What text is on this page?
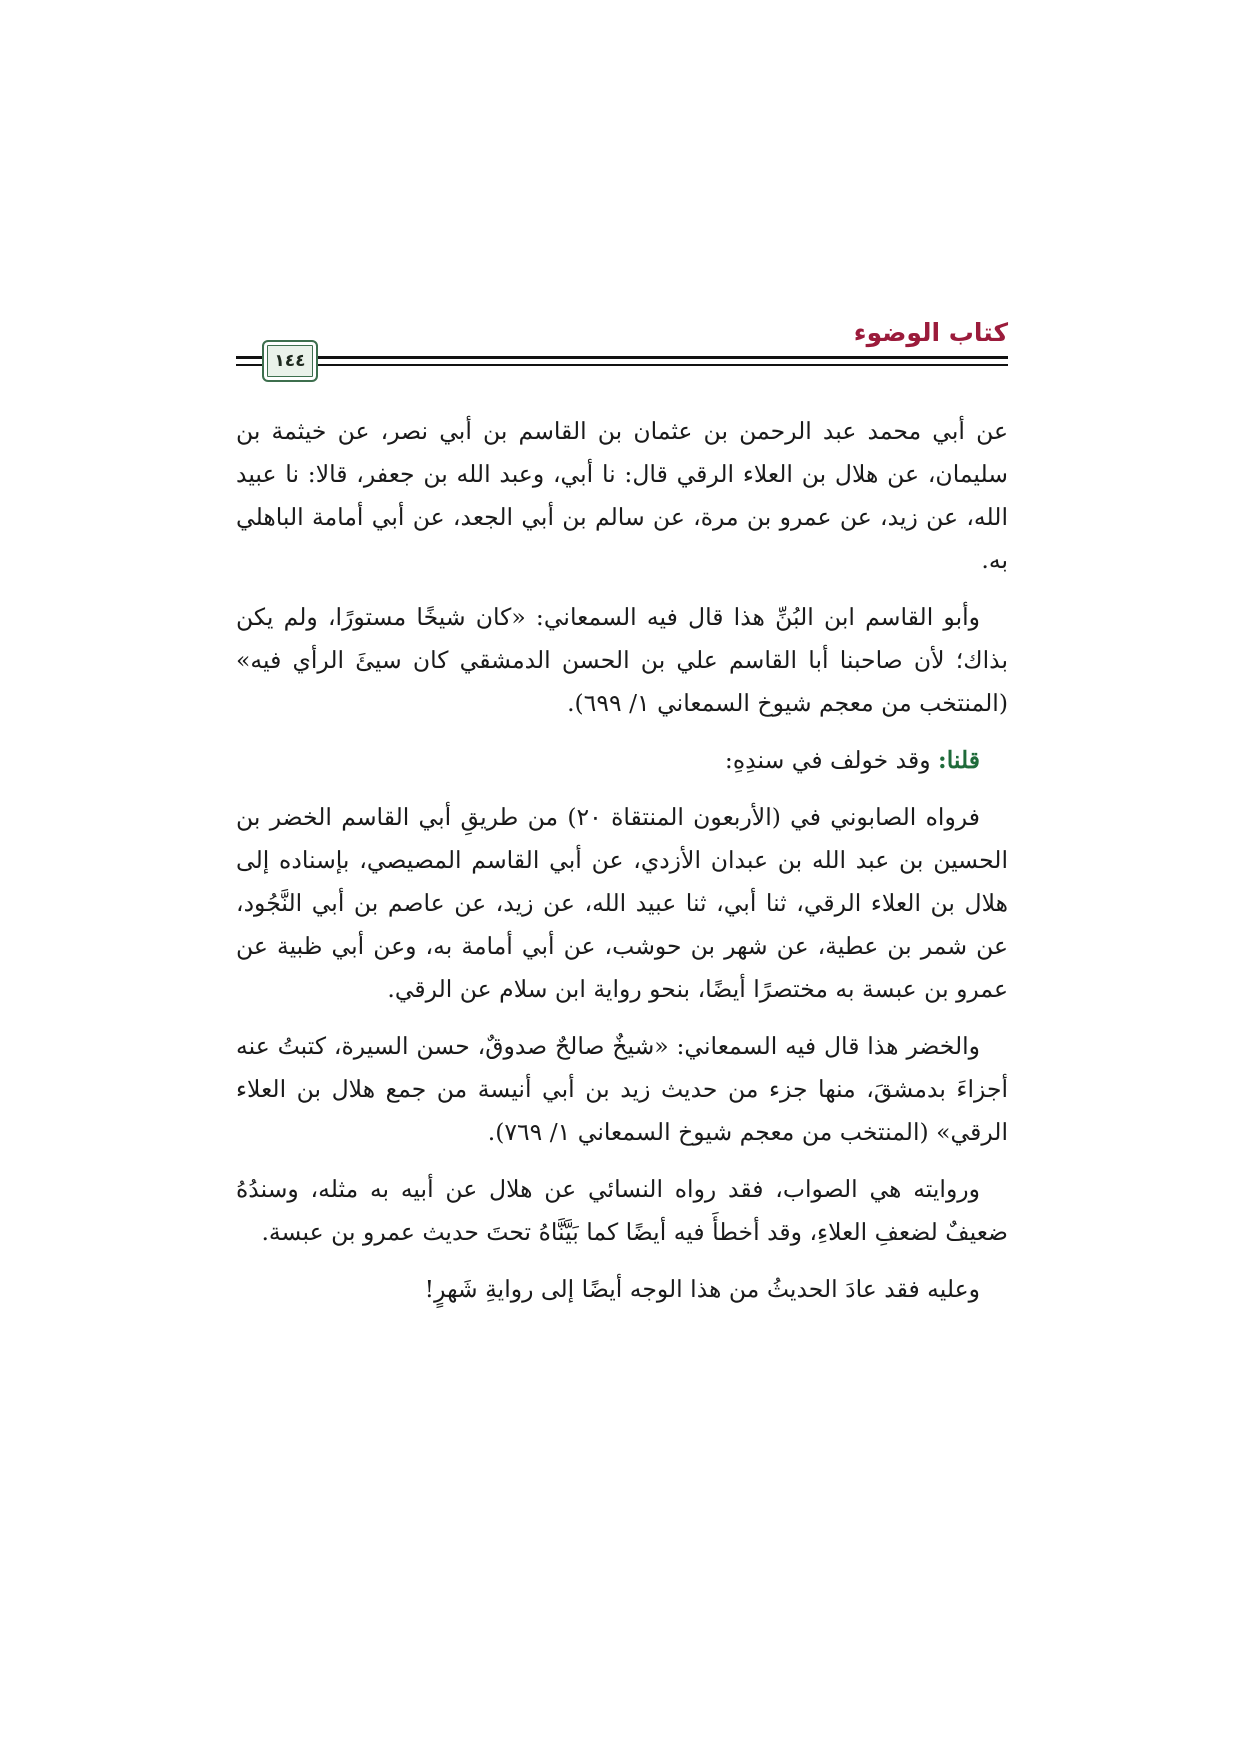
كتاب الوضوء
١٤٤

عن أبي محمد عبد الرحمن بن عثمان بن القاسم بن أبي نصر، عن خيثمة بن سليمان، عن هلال بن العلاء الرقي قال: نا أبي، وعبد الله بن جعفر، قالا: نا عبيد الله، عن زيد، عن عمرو بن مرة، عن سالم بن أبي الجعد، عن أبي أمامة الباهلي به.

وأبو القاسم ابن البُنِّ هذا قال فيه السمعاني: «كان شيخًا مستورًا، ولم يكن بذاك؛ لأن صاحبنا أبا القاسم علي بن الحسن الدمشقي كان سيئَ الرأي فيه» (المنتخب من معجم شيوخ السمعاني ١/ ٦٩٩).

قلنا: وقد خولف في سندِهِ:

فرواه الصابوني في (الأربعون المنتقاة ٢٠) من طريقِ أبي القاسم الخضر بن الحسين بن عبد الله بن عبدان الأزدي، عن أبي القاسم المصيصي، بإسناده إلى هلال بن العلاء الرقي، ثنا أبي، ثنا عبيد الله، عن زيد، عن عاصم بن أبي النَّجُود، عن شمر بن عطية، عن شهر بن حوشب، عن أبي أمامة به، وعن أبي ظبية عن عمرو بن عبسة به مختصرًا أيضًا، بنحو رواية ابن سلام عن الرقي.

والخضر هذا قال فيه السمعاني: «شيخٌ صالحٌ صدوقٌ، حسن السيرة، كتبتُ عنه أجزاءَ بدمشقَ، منها جزء من حديث زيد بن أبي أنيسة من جمع هلال بن العلاء الرقي» (المنتخب من معجم شيوخ السمعاني ١/ ٧٦٩).

وروايته هي الصواب، فقد رواه النسائي عن هلال عن أبيه به مثله، وسندُهُ ضعيفٌ لضعفِ العلاءِ، وقد أخطأَ فيه أيضًا كما بَيَّنَّاهُ تحتَ حديث عمرو بن عبسة.

وعليه فقد عادَ الحديثُ من هذا الوجه أيضًا إلى روايةِ شَهرٍ!
